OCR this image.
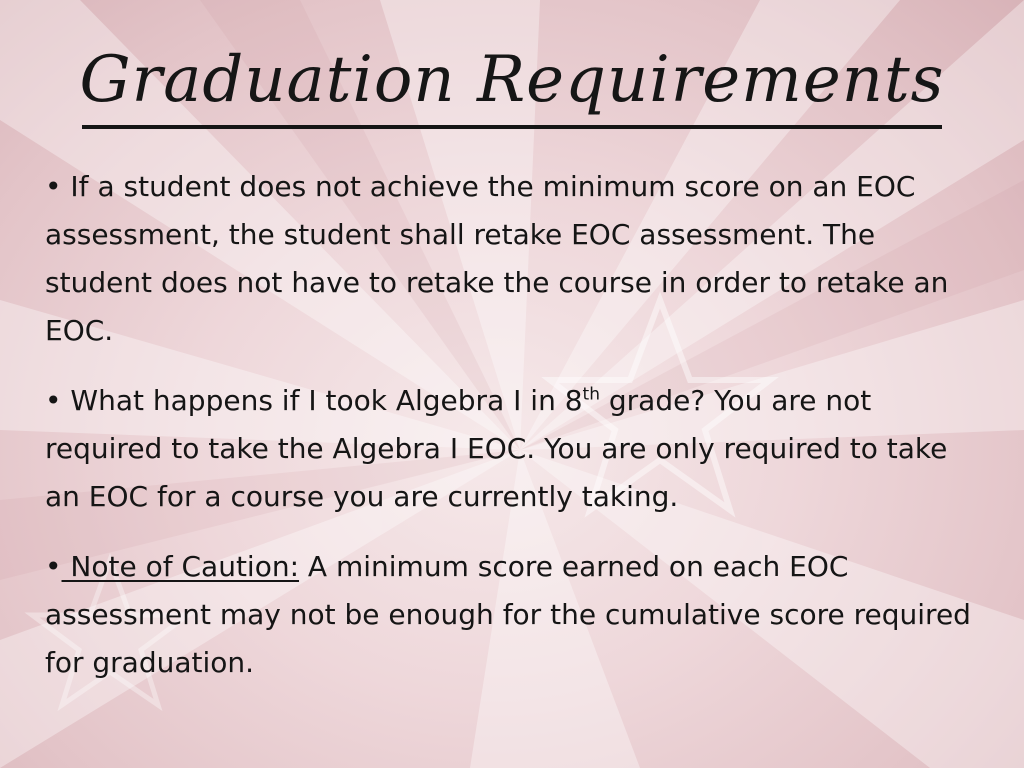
Graduation Requirements

• If a student does not achieve the minimum score on an EOC assessment, the student shall retake EOC assessment. The student does not have to retake the course in order to retake an EOC.

• What happens if I took Algebra I in 8th grade? You are not required to take the Algebra I EOC. You are only required to take an EOC for a course you are currently taking.

• Note of Caution: A minimum score earned on each EOC assessment may not be enough for the cumulative score required for graduation.
